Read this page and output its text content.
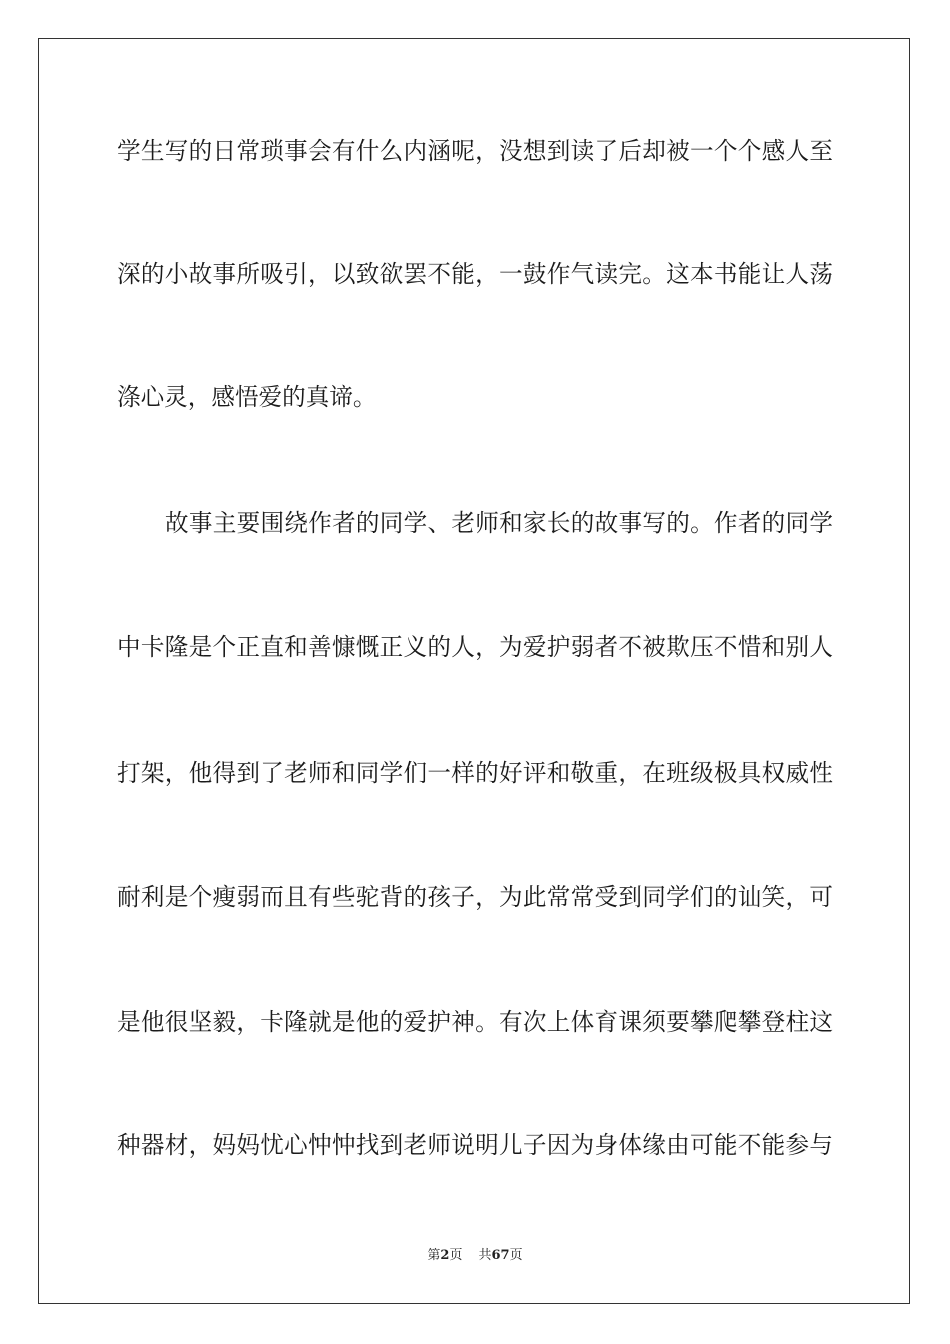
学生写的日常琐事会有什么内涵呢，没想到读了后却被一个个感人至
深的小故事所吸引，以致欲罢不能，一鼓作气读完。这本书能让人荡
涤心灵，感悟爱的真谛。
故事主要围绕作者的同学、老师和家长的故事写的。作者的同学
中卡隆是个正直和善慷慨正义的人，为爱护弱者不被欺压不惜和别人
打架，他得到了老师和同学们一样的好评和敬重，在班级极具权威性
耐利是个瘦弱而且有些驼背的孩子，为此常常受到同学们的讪笑，可
是他很坚毅，卡隆就是他的爱护神。有次上体育课须要攀爬攀登柱这
种器材，妈妈忧心忡忡找到老师说明儿子因为身体缘由可能不能参与
第2页 共67页
